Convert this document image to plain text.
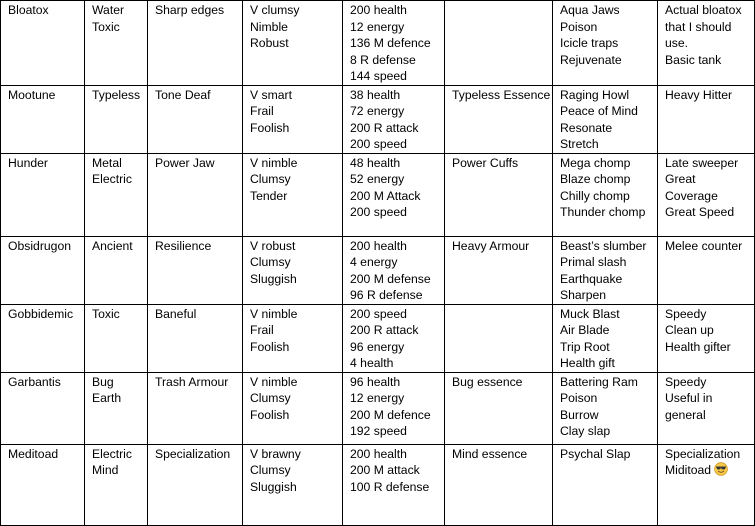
Bloatox	Water
Toxic	Sharp edges	V clumsy
Nimble
Robust	200 health
12 energy
136 M defence
8 R defense
144 speed		Aqua Jaws
Poison
Icicle traps
Rejuvenate	Actual bloatox
that I should
use.
Basic tank

Mootune	Typeless	Tone Deaf	V smart
Frail
Foolish	38 health
72 energy
200 R attack
200 speed	Typeless Essence	Raging Howl
Peace of Mind
Resonate
Stretch	Heavy Hitter

Hunder	Metal
Electric	Power Jaw	V nimble
Clumsy
Tender	48 health
52 energy
200 M Attack
200 speed	Power Cuffs	Mega chomp
Blaze chomp
Chilly chomp
Thunder chomp	Late sweeper
Great
Coverage
Great Speed

Obsidrugon	Ancient	Resilience	V robust
Clumsy
Sluggish	200 health
4 energy
200 M defense
96 R defense	Heavy Armour	Beast’s slumber
Primal slash
Earthquake
Sharpen	Melee counter

Gobbidemic	Toxic	Baneful	V nimble
Frail
Foolish	200 speed
200 R attack
96 energy
4 health		Muck Blast
Air Blade
Trip Root
Health gift	Speedy
Clean up
Health gifter

Garbantis	Bug
Earth	Trash Armour	V nimble
Clumsy
Foolish	96 health
12 energy
200 M defence
192 speed	Bug essence	Battering Ram
Poison
Burrow
Clay slap	Speedy
Useful in
general

Meditoad	Electric
Mind	Specialization	V brawny
Clumsy
Sluggish	200 health
200 M attack
100 R defense	Mind essence	Psychal Slap	Specialization
Miditoad
